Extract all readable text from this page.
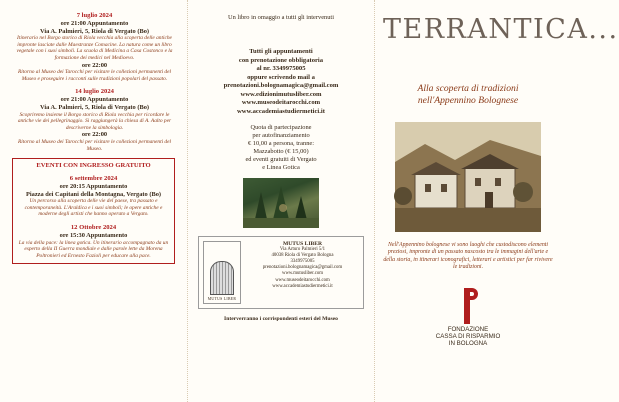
7 luglio 2024
ore 21:00 Appuntamento
Via A. Palmieri, 5, Riola di Vergato (Bo)
Itinerario nel Borgo storico di Riola vecchia alla scoperta delle antiche impronte lasciate dalle Maestranze Comacine. La natura come un libro vegetale con i suoi simboli. La scuola di Medicina a Casa Costonco e la formazione dei medici nel Medioevo.
ore 22:00
Ritorno al Museo dei Tarocchi per visitare le collezioni permanenti del Museo e proseguire i racconti sulle tradizioni popolari del passato.
14 luglio 2024
ore 21:00 Appuntamento
Via A. Palmieri, 5, Riola di Vergato (Bo)
Scopriremo insieme il Borgo storico di Riola vecchia per ricordare le antiche vie dei pellegrinaggio. Si raggiungerà la chiesa di A. Aalto per descriverne la simbologia.
ore 22:00
Ritorno al Museo dei Tarocchi per visitare le collezioni permanenti del Museo.
EVENTI CON INGRESSO GRATUITO
6 settembre 2024
ore 20:15 Appuntamento
Piazza dei Capitani della Montagna, Vergato (Bo)
Un percorso alla scoperta delle vie del paese, tra passato e contemporaneità. L'Araldica e i suoi simboli; le opere antiche e moderne degli artisti che hanno operato a Vergato.
12 Ottobre 2024
ore 15:30 Appuntamento
La via della pace: la linea gotica. Un itinerario accompagnato da un esperto della II Guerra mondiale e dalle parole lette da Morena Poltronieri ed Ernesto Fazioli per educare alla pace.
Un libro in omaggio a tutti gli intervenuti
Tutti gli appuntamenti
con prenotazione obbligatoria
al nr. 3349975005
oppure scrivendo mail a
prenotazioni.bolognamagica@gmail.com
www.edizionimutusliber.com
www.museodeitarocchi.com
www.accademiastudiermetici.it
Quota di partecipazione
per autofinanziamento
€ 10,00 a persona, tranne:
Mazzabotto (€ 15,00)
ed eventi gratuiti di Vergato
e Linea Gotica
MUTUS LIBER
MUTUS LIBER
Via Arturo Palmieri 5/1
40038 Riola di Vergato Bologna
3349975005
prenotazioni.bolognamagica@gmail.com
www.mutusliber.com
www.museodeitarocchi.com
www.accademiastudiermetici.it
Interverranno i corrispondenti esteri del Museo
TERRANTICA...
Alla scoperta di tradizioni
nell'Appennino Bolognese
Nell'Appennino bolognese vi sono luoghi che custodiscono elementi preziosi, impronte di un passato nascosto tra le immagini dell'arte e della storia, in itinerari iconografici, letterari e artistici per far rivivere le tradizioni.
FONDAZIONE
CASSA DI RISPARMIO
IN BOLOGNA
